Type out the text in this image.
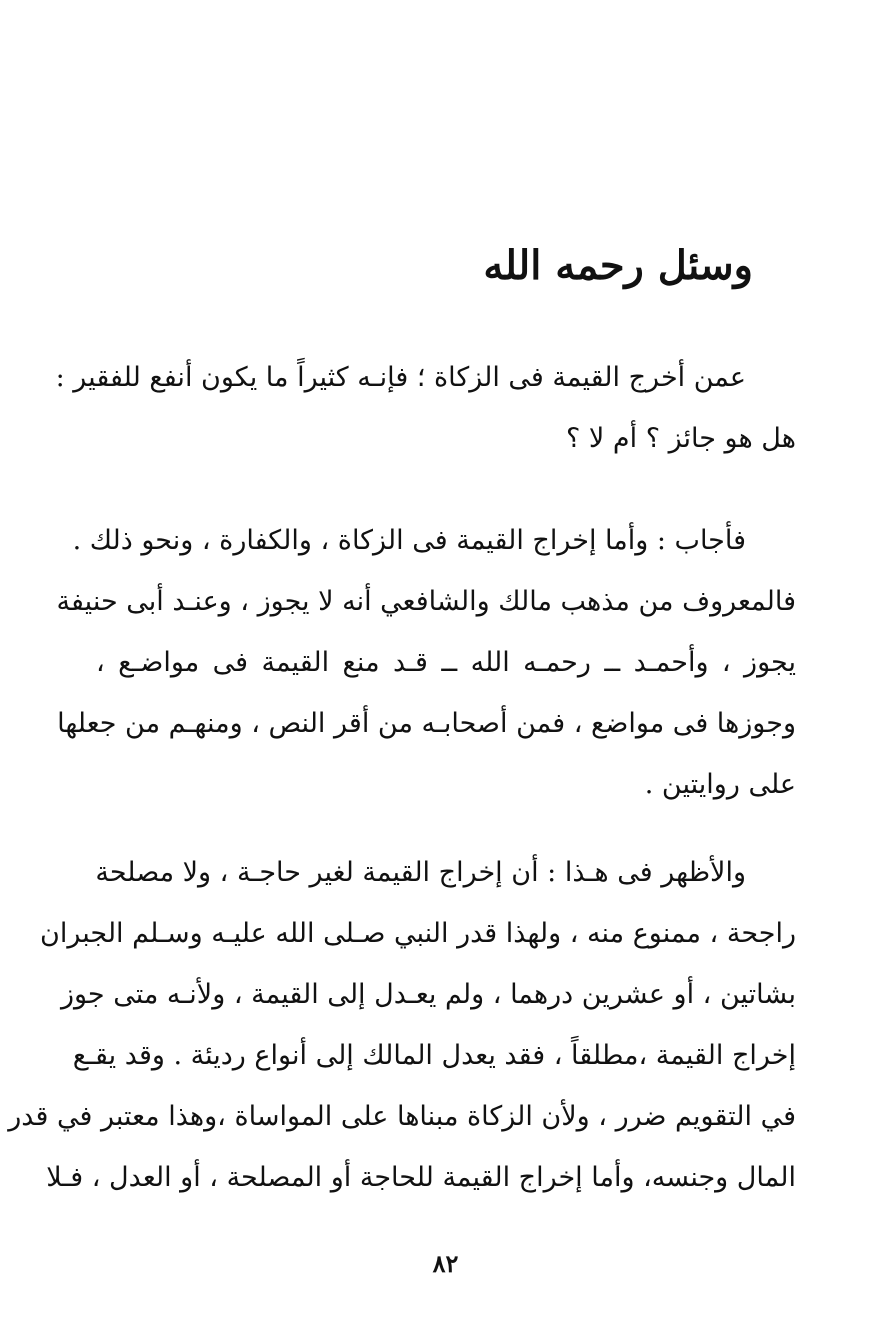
وسئل رحمه الله
عمن أخرج القيمة فى الزكاة ؛ فإنـه كثيراً ما يكون أنفع للفقير :
هل هو جائز ؟ أم لا ؟
فأجاب : وأما إخراج القيمة فى الزكاة ، والكفارة ، ونحو ذلك .
فالمعروف من مذهب مالك والشافعي أنه لا يجوز ، وعنـد أبى حنيفة
يجوز ، وأحمـد ــ رحمـه الله ــ قـد منع القيمة فى مواضـع ،
وجوزها فى مواضع ، فمن أصحابـه من أقر النص ، ومنهـم من جعلها
على روايتين .
والأظهر فى هـذا : أن إخراج القيمة لغير حاجـة ، ولا مصلحة
راجحة ، ممنوع منه ، ولهذا قدر النبي صـلى الله عليـه وسـلم الجبران
بشاتين ، أو عشرين درهما ، ولم يعـدل إلى القيمة ، ولأنـه متى جوز
إخراج القيمة ،مطلقاً ، فقد يعدل المالك إلى أنواع رديئة . وقد يقـع
في التقويم ضرر ، ولأن الزكاة مبناها على المواساة ،وهذا معتبر في قدر
المال وجنسه، وأما إخراج القيمة للحاجة أو المصلحة ، أو العدل ، فـلا
٨٢
